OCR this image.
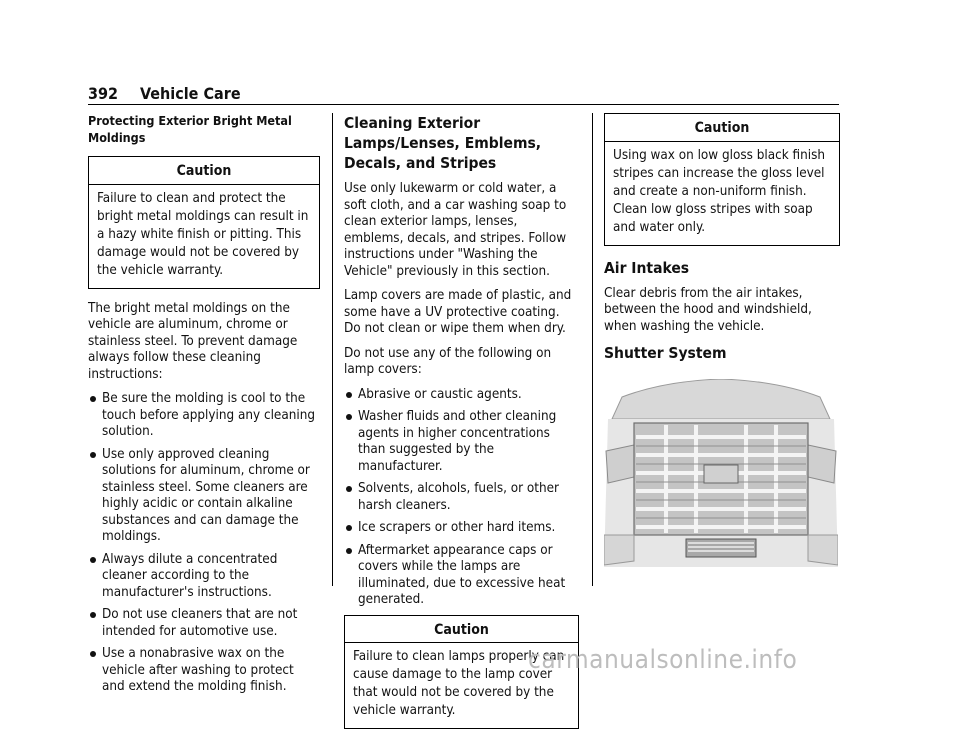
392 Vehicle Care
Protecting Exterior Bright Metal Moldings
Caution
Failure to clean and protect the bright metal moldings can result in a hazy white finish or pitting. This damage would not be covered by the vehicle warranty.

The bright metal moldings on the vehicle are aluminum, chrome or stainless steel. To prevent damage always follow these cleaning instructions:

Be sure the molding is cool to the touch before applying any cleaning solution.
Use only approved cleaning solutions for aluminum, chrome or stainless steel. Some cleaners are highly acidic or contain alkaline substances and can damage the moldings.
Always dilute a concentrated cleaner according to the manufacturer's instructions.
Do not use cleaners that are not intended for automotive use.
Use a nonabrasive wax on the vehicle after washing to protect and extend the molding finish.
Cleaning Exterior Lamps/Lenses, Emblems, Decals, and Stripes

Use only lukewarm or cold water, a soft cloth, and a car washing soap to clean exterior lamps, lenses, emblems, decals, and stripes. Follow instructions under "Washing the Vehicle" previously in this section.

Lamp covers are made of plastic, and some have a UV protective coating. Do not clean or wipe them when dry.

Do not use any of the following on lamp covers:

Abrasive or caustic agents.
Washer fluids and other cleaning agents in higher concentrations than suggested by the manufacturer.
Solvents, alcohols, fuels, or other harsh cleaners.
Ice scrapers or other hard items.
Aftermarket appearance caps or covers while the lamps are illuminated, due to excessive heat generated.
Caution
Failure to clean lamps properly can cause damage to the lamp cover that would not be covered by the vehicle warranty.
Caution
Using wax on low gloss black finish stripes can increase the gloss level and create a non-uniform finish. Clean low gloss stripes with soap and water only.
Air Intakes

Clear debris from the air intakes, between the hood and windshield, when washing the vehicle.

Shutter System
carmanualsonline.info
